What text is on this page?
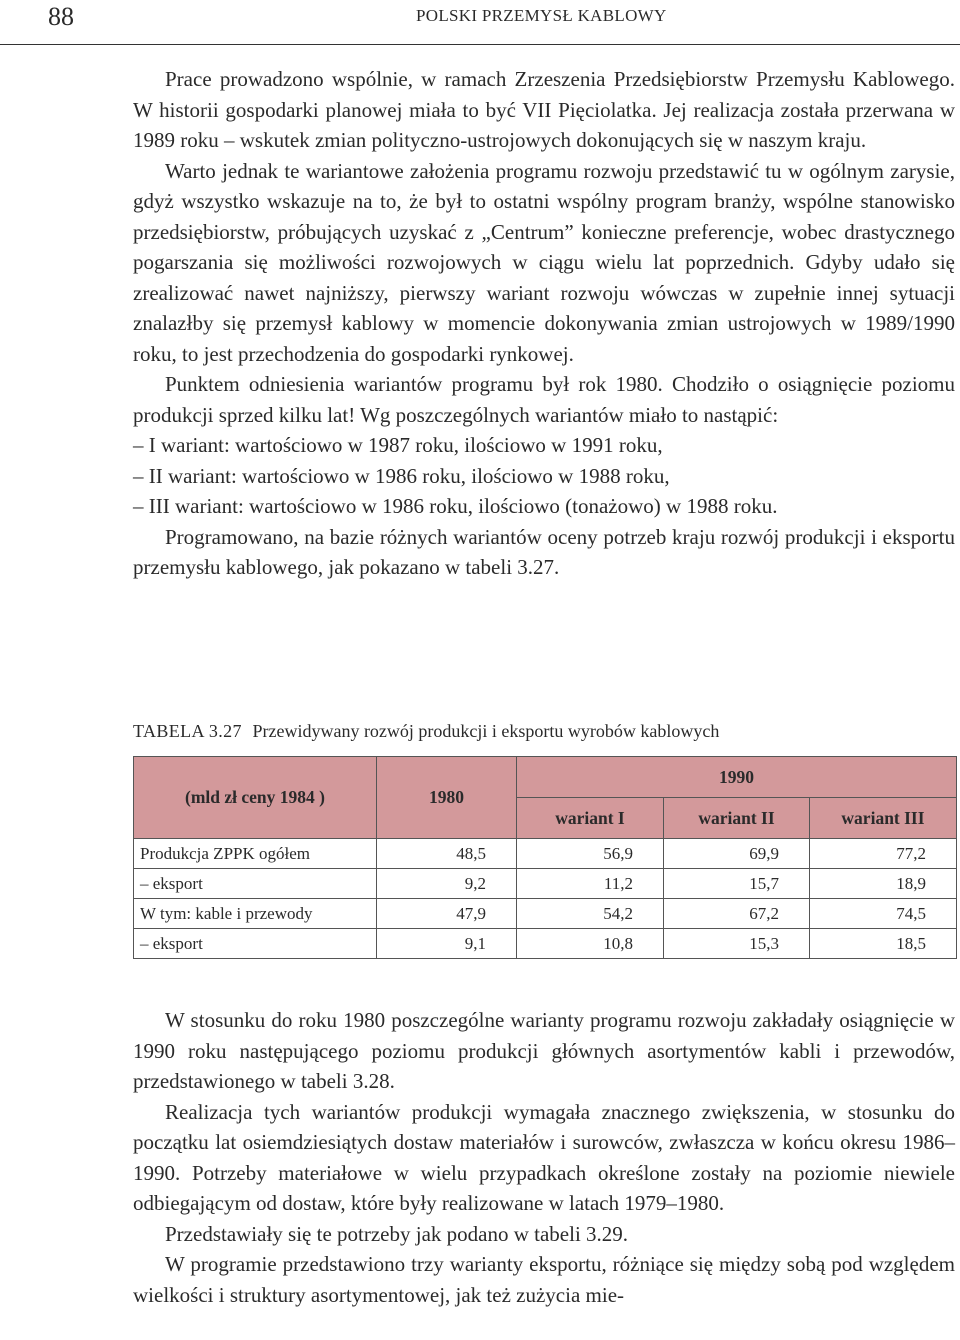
88	POLSKI PRZEMYSŁ KABLOWY

Prace prowadzono wspólnie, w ramach Zrzeszenia Przedsiębiorstw Przemysłu Kablowego. W historii gospodarki planowej miała to być VII Pięciolatka. Jej realizacja została przerwana w 1989 roku – wskutek zmian polityczno-ustrojowych dokonujących się w naszym kraju.

Warto jednak te wariantowe założenia programu rozwoju przedstawić tu w ogólnym zarysie, gdyż wszystko wskazuje na to, że był to ostatni wspólny program branży, wspólne stanowisko przedsiębiorstw, próbujących uzyskać z „Centrum” konieczne preferencje, wobec drastycznego pogarszania się możliwości rozwojowych w ciągu wielu lat poprzednich. Gdyby udało się zrealizować nawet najniższy, pierwszy wariant rozwoju wówczas w zupełnie innej sytuacji znalazłby się przemysł kablowy w momencie dokonywania zmian ustrojowych w 1989/1990 roku, to jest przechodzenia do gospodarki rynkowej.

Punktem odniesienia wariantów programu był rok 1980. Chodziło o osiągnięcie poziomu produkcji sprzed kilku lat! Wg poszczególnych wariantów miało to nastąpić:

– I wariant: wartościowo w 1987 roku, ilościowo w 1991 roku,

– II wariant: wartościowo w 1986 roku, ilościowo w 1988 roku,

– III wariant: wartościowo w 1986 roku, ilościowo (tonażowo) w 1988 roku.

Programowano, na bazie różnych wariantów oceny potrzeb kraju rozwój produkcji i eksportu przemysłu kablowego, jak pokazano w tabeli 3.27.

TABELA 3.27 Przewidywany rozwój produkcji i eksportu wyrobów kablowych
(mld zł ceny 1984 )	1980	1990		
		wariant I	wariant II	wariant III
Produkcja ZPPK ogółem	48,5	56,9	69,9	77,2
– eksport	9,2	11,2	15,7	18,9
W tym: kable i przewody	47,9	54,2	67,2	74,5
– eksport	9,1	10,8	15,3	18,5

W stosunku do roku 1980 poszczególne warianty programu rozwoju zakładały osiągnięcie w 1990 roku następującego poziomu produkcji głównych asortymentów kabli i przewodów, przedstawionego w tabeli 3.28.

Realizacja tych wariantów produkcji wymagała znacznego zwiększenia, w stosunku do początku lat osiemdziesiątych dostaw materiałów i surowców, zwłaszcza w końcu okresu 1986–1990. Potrzeby materiałowe w wielu przypadkach określone zostały na poziomie niewiele odbiegającym od dostaw, które były realizowane w latach 1979–1980.

Przedstawiały się te potrzeby jak podano w tabeli 3.29.

W programie przedstawiono trzy warianty eksportu, różniące się między sobą pod względem wielkości i struktury asortymentowej, jak też zużycia mie-
